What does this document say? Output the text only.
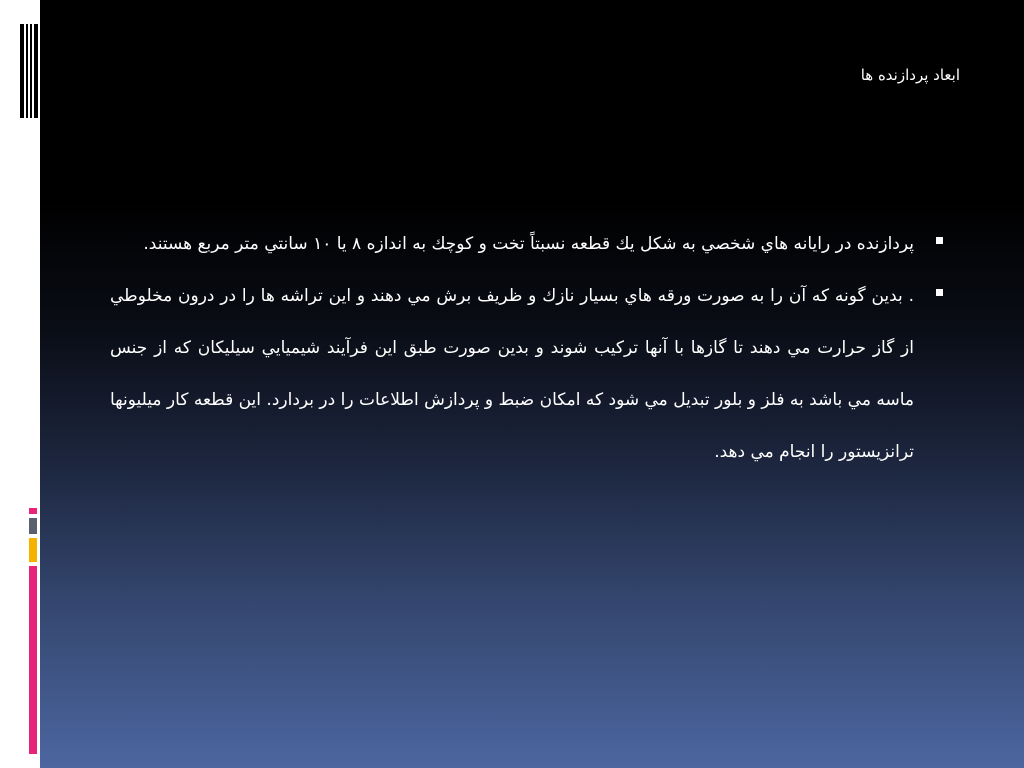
ابعاد پردازنده ها
پردازنده در رايانه هاي شخصي به شكل يك قطعه نسبتاً تخت و كوچك به اندازه ۸ يا ۱۰ سانتي متر مربع هستند.
. بدين گونه كه آن را به صورت ورقه هاي بسيار نازك و ظريف برش مي دهند و اين تراشه ها را در درون مخلوطي از گاز حرارت مي دهند تا گازها با آنها تركيب شوند و بدين صورت طبق اين فرآيند شيميايي سيليكان كه از جنس ماسه مي باشد به فلز و بلور تبديل مي شود كه امكان ضبط و پردازش اطلاعات را در بردارد. اين قطعه كار ميليونها ترانزيستور را انجام مي دهد.
